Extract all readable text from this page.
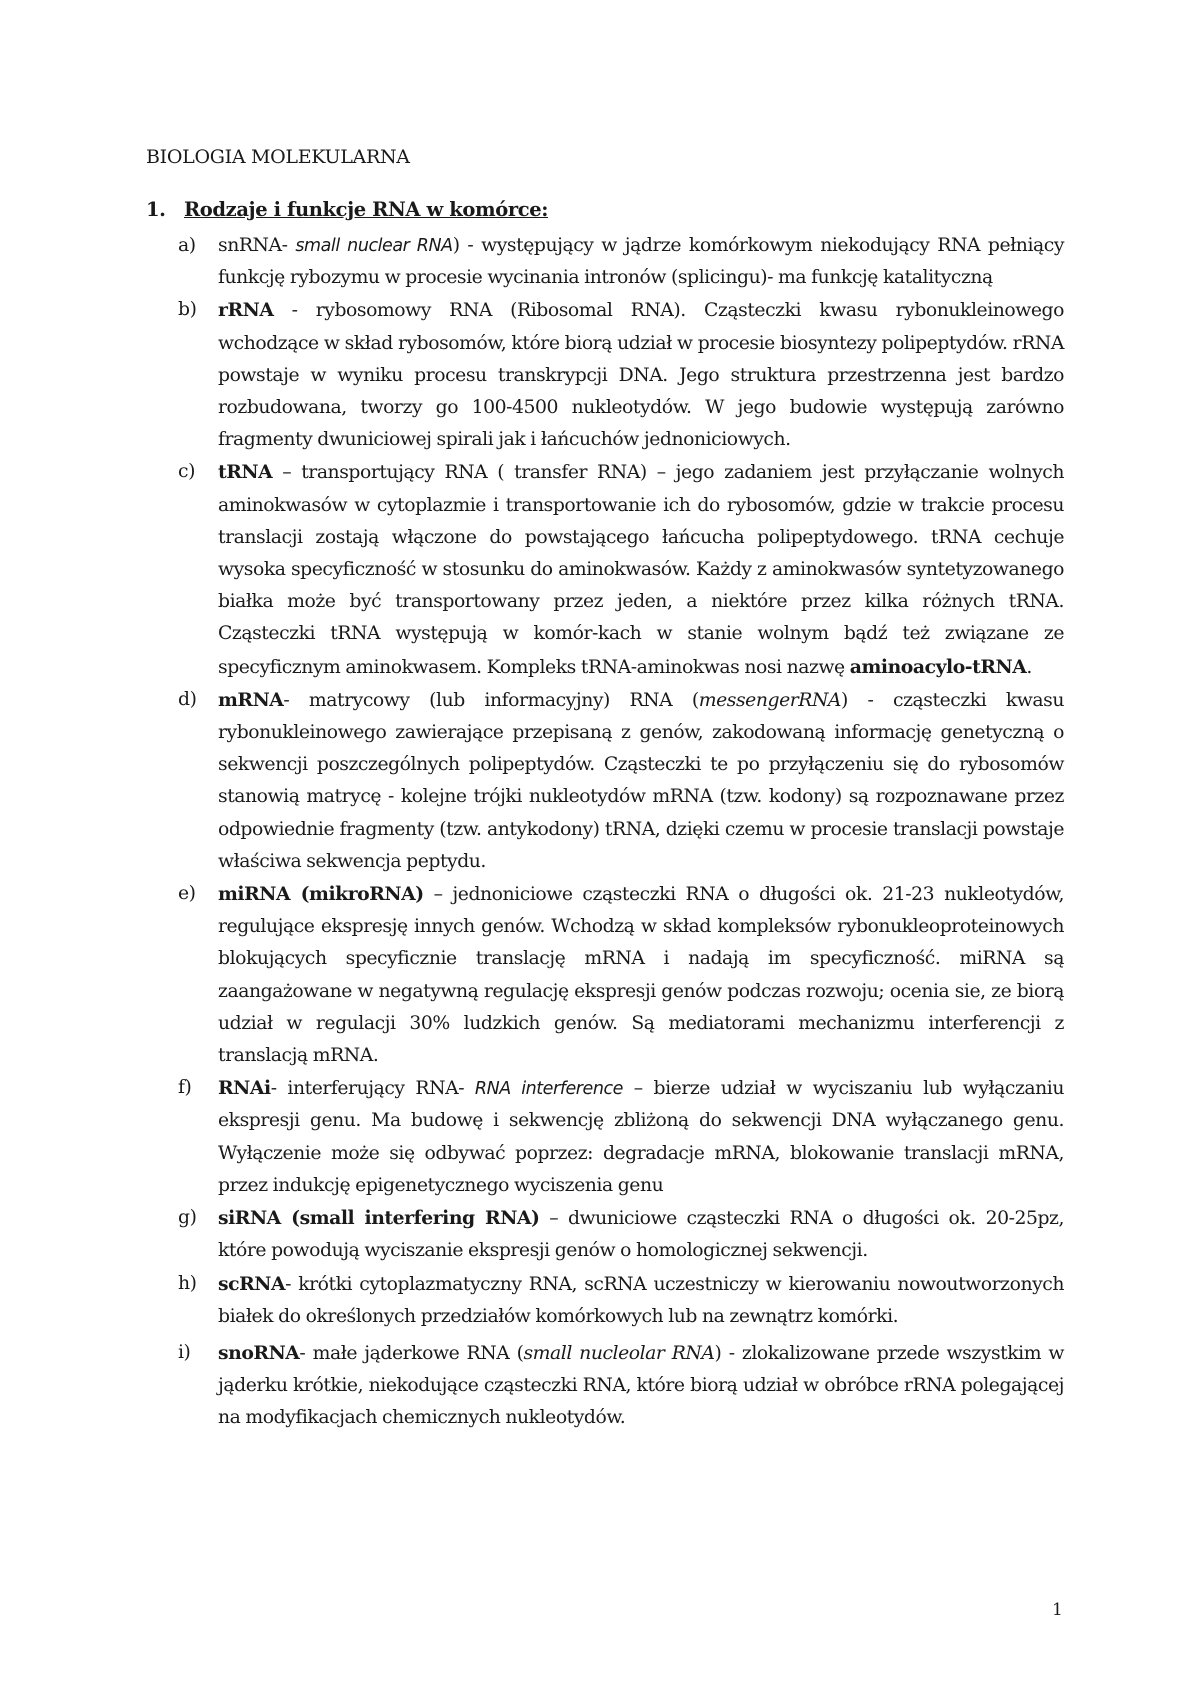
BIOLOGIA MOLEKULARNA
1. Rodzaje i funkcje RNA w komórce:
a) snRNA- small nuclear RNA) - występujący w jądrze komórkowym niekodujący RNA pełniący funkcję rybozymu w procesie wycinania intronów (splicingu)- ma funkcję katalityczną
b) rRNA - rybosomowy RNA (Ribosomal RNA). Cząsteczki kwasu rybonukleinowego wchodzące w skład rybosomów, które biorą udział w procesie biosyntezy polipeptydów. rRNA powstaje w wyniku procesu transkrypcji DNA. Jego struktura przestrzenna jest bardzo rozbudowana, tworzy go 100-4500 nukleotydów. W jego budowie występują zarówno fragmenty dwuniciowej spirali jak i łańcuchów jednoniciowych.
c) tRNA – transportujący RNA ( transfer RNA) – jego zadaniem jest przyłączanie wolnych aminokwasów w cytoplazmie i transportowanie ich do rybosomów, gdzie w trakcie procesu translacji zostają włączone do powstającego łańcucha polipeptydowego. tRNA cechuje wysoka specyficzność w stosunku do aminokwasów. Każdy z aminokwasów syntetyzowanego białka może być transportowany przez jeden, a niektóre przez kilka różnych tRNA. Cząsteczki tRNA występują w komór-kach w stanie wolnym bądź też związane ze specyficznym aminokwasem. Kompleks tRNA-aminokwas nosi nazwę aminoacylo-tRNA.
d) mRNA- matrycowy (lub informacyjny) RNA (messengerRNA) - cząsteczki kwasu rybonukleinowego zawierające przepisaną z genów, zakodowaną informację genetyczną o sekwencji poszczególnych polipeptydów. Cząsteczki te po przyłączeniu się do rybosomów stanowią matrycę - kolejne trójki nukleotydów mRNA (tzw. kodony) są rozpoznawane przez odpowiednie fragmenty (tzw. antykodony) tRNA, dzięki czemu w procesie translacji powstaje właściwa sekwencja peptydu.
e) miRNA (mikroRNA) – jednoniciowe cząsteczki RNA o długości ok. 21-23 nukleotydów, regulujące ekspresję innych genów. Wchodzą w skład kompleksów rybonukleoproteinowych blokujących specyficznie translację mRNA i nadają im specyficzność. miRNA są zaangażowane w negatywną regulację ekspresji genów podczas rozwoju; ocenia sie, ze biorą udział w regulacji 30% ludzkich genów. Są mediatorami mechanizmu interferencji z translacją mRNA.
f) RNAi- interferujący RNA- RNA interference – bierze udział w wyciszaniu lub wyłączaniu ekspresji genu. Ma budowę i sekwencję zbliżoną do sekwencji DNA wyłączanego genu. Wyłączenie może się odbywać poprzez: degradacje mRNA, blokowanie translacji mRNA, przez indukcję epigenetycznego wyciszenia genu
g) siRNA (small interfering RNA) – dwuniciowe cząsteczki RNA o długości ok. 20-25pz, które powodują wyciszanie ekspresji genów o homologicznej sekwencji.
h) scRNA- krótki cytoplazmatyczny RNA, scRNA uczestniczy w kierowaniu nowoutworzonych białek do określonych przedziałów komórkowych lub na zewnątrz komórki.
i) snoRNA- małe jąderkowe RNA (small nucleolar RNA) - zlokalizowane przede wszystkim w jąderku krótkie, niekodujące cząsteczki RNA, które biorą udział w obróbce rRNA polegającej na modyfikacjach chemicznych nukleotydów.
1
